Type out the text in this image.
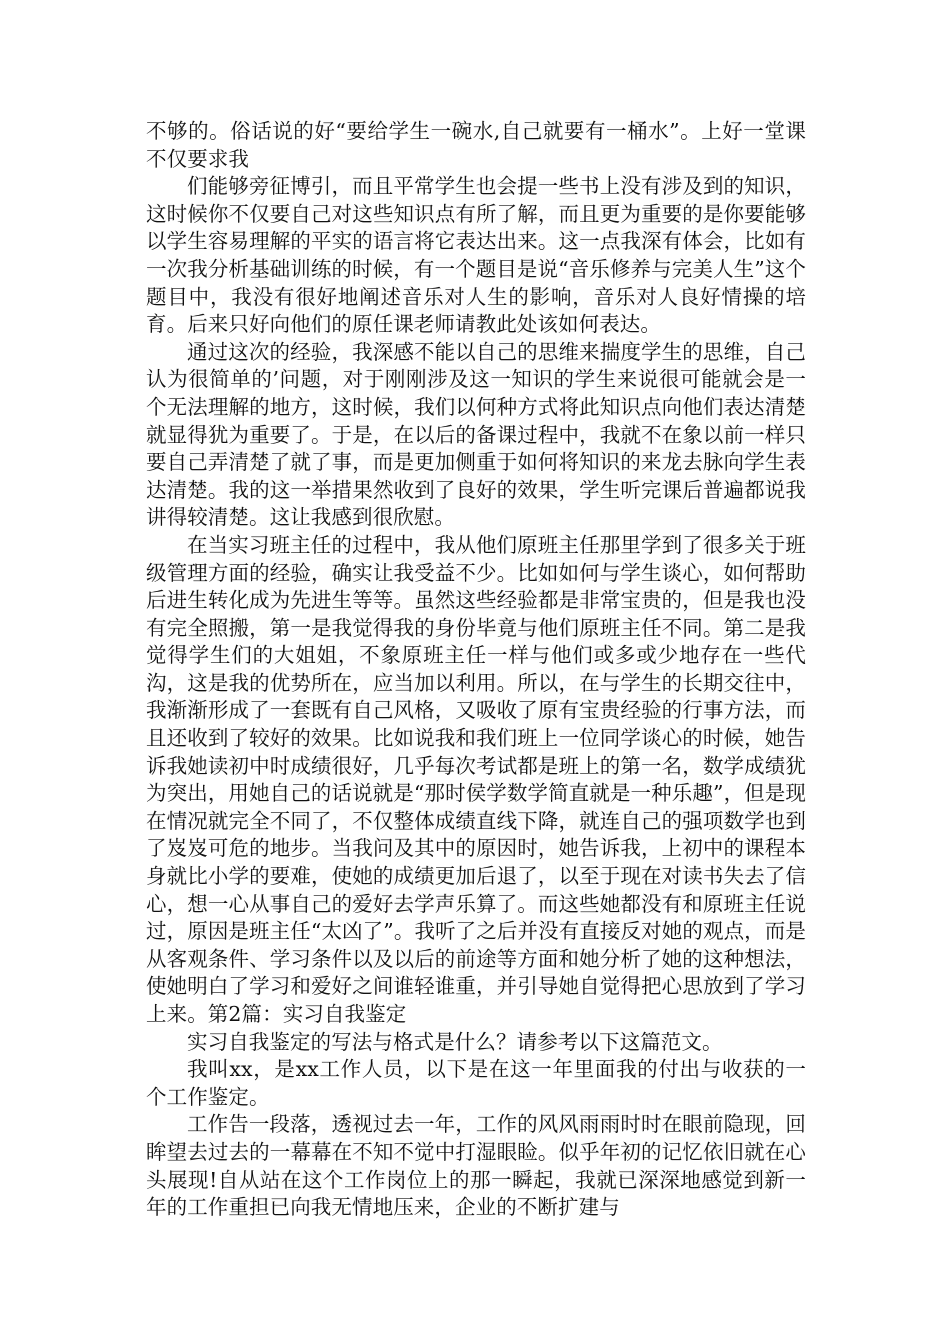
不够的。俗话说的好“要给学生一碗水,自己就要有一桶水”。上好一堂课不仅要求我

们能够旁征博引，而且平常学生也会提一些书上没有涉及到的知识，这时候你不仅要自己对这些知识点有所了解，而且更为重要的是你要能够以学生容易理解的平实的语言将它表达出来。这一点我深有体会，比如有一次我分析基础训练的时候，有一个题目是说“音乐修养与完美人生”这个题目中，我没有很好地阐述音乐对人生的影响，音乐对人良好情操的培育。后来只好向他们的原任课老师请教此处该如何表达。

通过这次的经验，我深感不能以自己的思维来揣度学生的思维，自己认为很简单的’问题，对于刚刚涉及这一知识的学生来说很可能就会是一个无法理解的地方，这时候，我们以何种方式将此知识点向他们表达清楚就显得犹为重要了。于是，在以后的备课过程中，我就不在象以前一样只要自己弄清楚了就了事，而是更加侧重于如何将知识的来龙去脉向学生表达清楚。我的这一举措果然收到了良好的效果，学生听完课后普遍都说我讲得较清楚。这让我感到很欣慰。

在当实习班主任的过程中，我从他们原班主任那里学到了很多关于班级管理方面的经验，确实让我受益不少。比如如何与学生谈心，如何帮助后进生转化成为先进生等等。虽然这些经验都是非常宝贵的，但是我也没有完全照搬，第一是我觉得我的身份毕竟与他们原班主任不同。第二是我觉得学生们的大姐姐，不象原班主任一样与他们或多或少地存在一些代沟，这是我的优势所在，应当加以利用。所以，在与学生的长期交往中，我渐渐形成了一套既有自己风格，又吸收了原有宝贵经验的行事方法，而且还收到了较好的效果。比如说我和我们班上一位同学谈心的时候，她告诉我她读初中时成绩很好，几乎每次考试都是班上的第一名，数学成绩犹为突出，用她自己的话说就是“那时侯学数学简直就是一种乐趣”，但是现在情况就完全不同了，不仅整体成绩直线下降，就连自己的强项数学也到了岌岌可危的地步。当我问及其中的原因时，她告诉我，上初中的课程本身就比小学的要难，使她的成绩更加后退了，以至于现在对读书失去了信心，想一心从事自己的爱好去学声乐算了。而这些她都没有和原班主任说过，原因是班主任“太凶了”。我听了之后并没有直接反对她的观点，而是从客观条件、学习条件以及以后的前途等方面和她分析了她的这种想法，使她明白了学习和爱好之间谁轻谁重，并引导她自觉得把心思放到了学习上来。第2篇：实习自我鉴定

实习自我鉴定的写法与格式是什么？请参考以下这篇范文。

我叫xx，是xx工作人员，以下是在这一年里面我的付出与收获的一个工作鉴定。

工作告一段落，透视过去一年，工作的风风雨雨时时在眼前隐现，回眸望去过去的一幕幕在不知不觉中打湿眼睑。似乎年初的记忆依旧就在心头展现!自从站在这个工作岗位上的那一瞬起，我就已深深地感觉到新一年的工作重担已向我无情地压来，企业的不断扩建与
